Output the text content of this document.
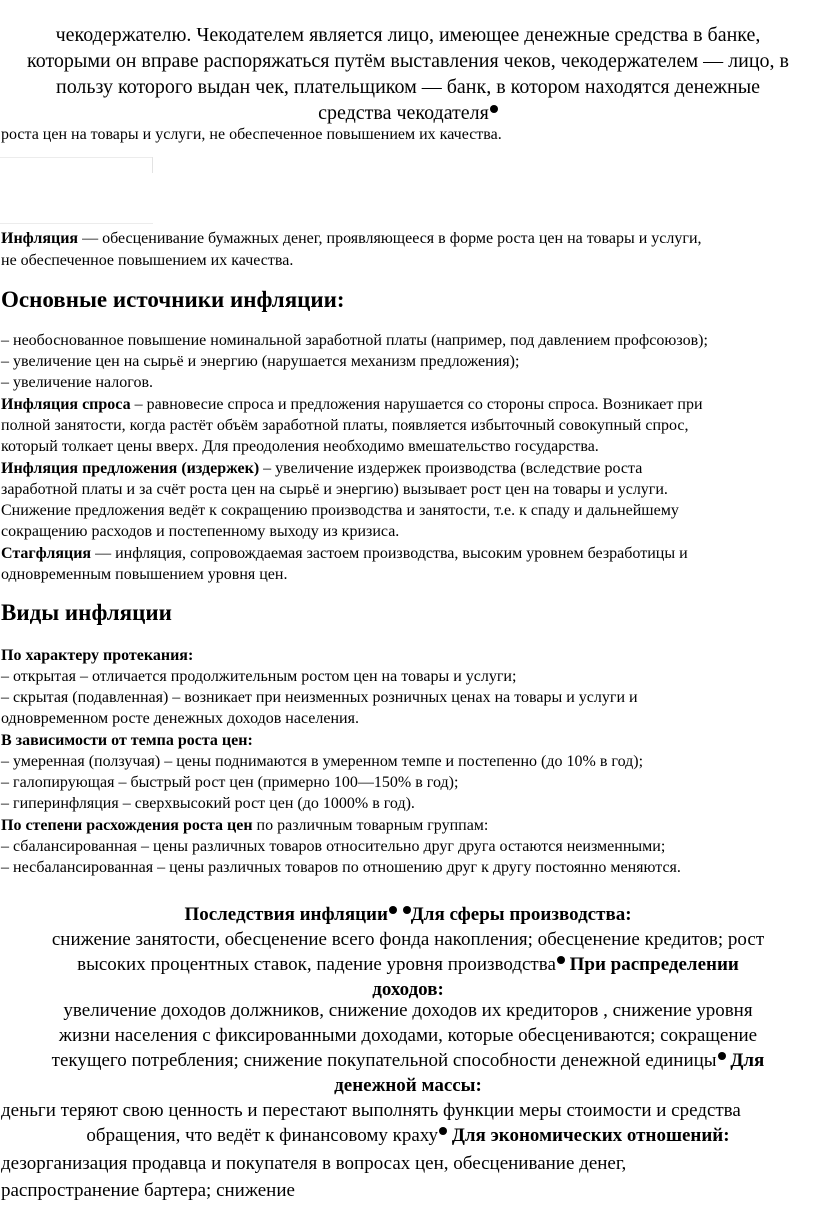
чекодержателю. Чекодателем является лицо, имеющее денежные средства в банке,
которыми он вправе распоряжаться путём выставления чеков, чекодержателем — лицо, в
пользу которого выдан чек, плательщиком — банк, в котором находятся денежные
средства чекодателя
роста цен на товары и услуги, не обеспеченное повышением их качества.
Инфляция — обесценивание бумажных денег, проявляющееся в форме роста цен на товары и услуги,
не обеспеченное повышением их качества.
Основные источники инфляции:
– необоснованное повышение номинальной заработной платы (например, под давлением профсоюзов);
– увеличение цен на сырьё и энергию (нарушается механизм предложения);
– увеличение налогов.
Инфляция спроса – равновесие спроса и предложения нарушается со стороны спроса. Возникает при
полной занятости, когда растёт объём заработной платы, появляется избыточный совокупный спрос,
который толкает цены вверх. Для преодоления необходимо вмешательство государства.
Инфляция предложения (издержек) – увеличение издержек производства (вследствие роста
заработной платы и за счёт роста цен на сырьё и энергию) вызывает рост цен на товары и услуги.
Снижение предложения ведёт к сокращению производства и занятости, т.е. к спаду и дальнейшему
сокращению расходов и постепенному выходу из кризиса.
Стагфляция — инфляция, сопровождаемая застоем производства, высоким уровнем безработицы и
одновременным повышением уровня цен.
Виды инфляции
По характеру протекания:
– открытая – отличается продолжительным ростом цен на товары и услуги;
– скрытая (подавленная) – возникает при неизменных розничных ценах на товары и услуги и
одновременном росте денежных доходов населения.
В зависимости от темпа роста цен:
– умеренная (ползучая) – цены поднимаются в умеренном темпе и постепенно (до 10% в год);
– галопирующая – быстрый рост цен (примерно 100—150% в год);
– гиперинфляция – сверхвысокий рост цен (до 1000% в год).
По степени расхождения роста цен по различным товарным группам:
– сбалансированная – цены различных товаров относительно друг друга остаются неизменными;
– несбалансированная – цены различных товаров по отношению друг к другу постоянно меняются.
Последствия инфляции Для сферы производства:
снижение занятости, обесценение всего фонда накопления; обесценение кредитов; рост
высоких процентных ставок, падение уровня производства При распределении
доходов:
увеличение доходов должников, снижение доходов их кредиторов , снижение уровня
жизни населения с фиксированными доходами, которые обесцениваются; сокращение
текущего потребления; снижение покупательной способности денежной единицы Для
денежной массы:
деньги теряют свою ценность и перестают выполнять функции меры стоимости и средства
обращения, что ведёт к финансовому краху Для экономических отношений:
дезорганизация продавца и покупателя в вопросах цен, обесценивание денег,
распространение бартера; снижение
